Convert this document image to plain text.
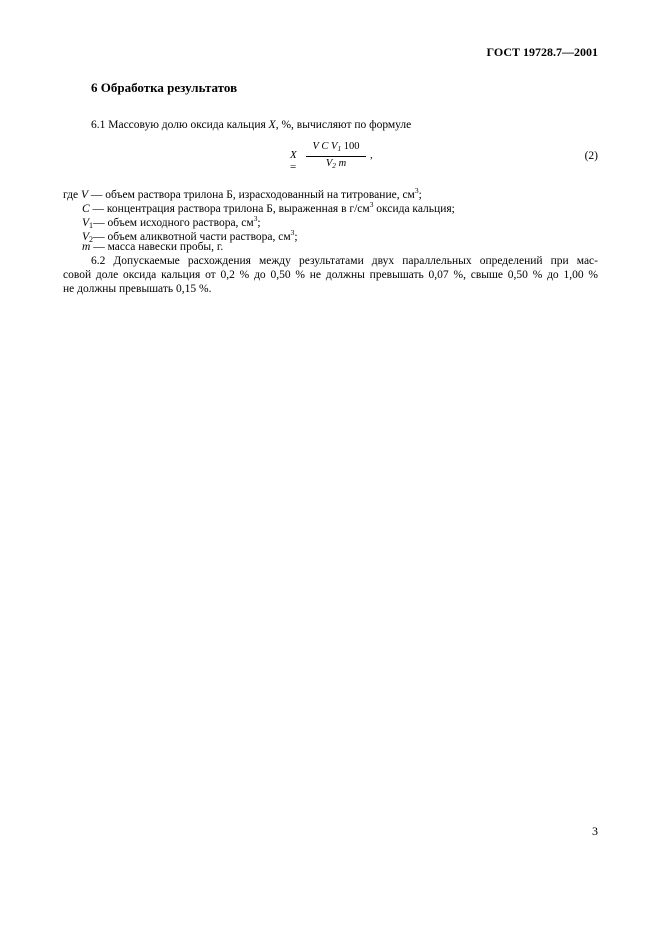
ГОСТ 19728.7—2001
6 Обработка результатов
6.1 Массовую долю оксида кальция X, %, вычисляют по формуле
X =
V C $V_1$ 100
$V_2$ m
,	(2)
где V — объем раствора трилона Б, израсходованный на титрование, $см^3$;
C — концентрация раствора трилона Б, выраженная в $г/см^3$ оксида кальция;
$V_1—$ объем исходного раствора, $см^3$;
$V_2—$ объем аликвотной части раствора, $см^3$;
m — масса навески пробы, г.
6.2 Допускаемые расхождения между результатами двух параллельных определений при мас-
совой доле оксида кальция от 0,2 % до 0,50 % не должны превышать 0,07 %, свыше 0,50 % до 1,00 %
не должны превышать 0,15 %.
3
